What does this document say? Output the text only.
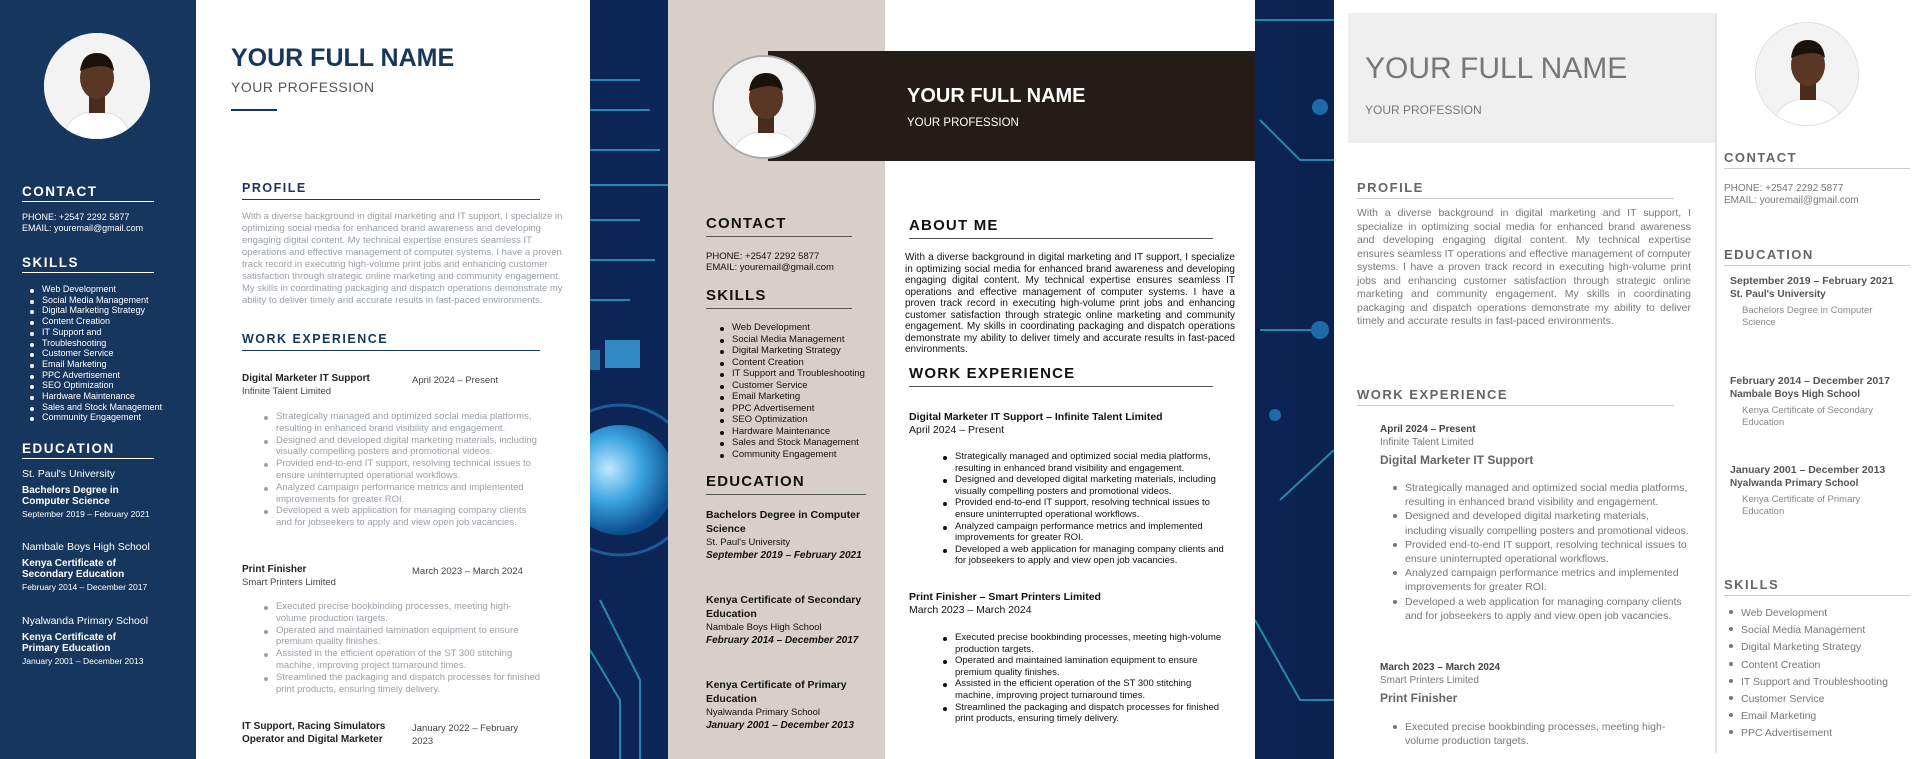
CONTACT
PHONE: +2547 2292 5877
EMAIL: youremail@gmail.com
SKILLS
Web Development
Social Media Management
Digital Marketing Strategy
Content Creation
IT Support and
Troubleshooting
Customer Service
Email Marketing
PPC Advertisement
SEO Optimization
Hardware Maintenance
Sales and Stock Management
Community Engagement
EDUCATION
St. Paul's University
Bachelors Degree in Computer Science
September 2019 – February 2021
Nambale Boys High School
Kenya Certificate of Secondary Education
February 2014 – December 2017
Nyalwanda Primary School
Kenya Certificate of Primary Education
January 2001 – December 2013
YOUR FULL NAME
YOUR PROFESSION
PROFILE
With a diverse background in digital marketing and IT support, I specialize in optimizing social media for enhanced brand awareness and developing engaging digital content. My technical expertise ensures seamless IT operations and effective management of computer systems. I have a proven track record in executing high-volume print jobs and enhancing customer satisfaction through strategic online marketing and community engagement. My skills in coordinating packaging and dispatch operations demonstrate my ability to deliver timely and accurate results in fast-paced environments.
WORK EXPERIENCE
Digital Marketer IT Support
Infinite Talent Limited
April 2024 – Present
Strategically managed and optimized social media platforms, resulting in enhanced brand visibility and engagement.
Designed and developed digital marketing materials, including visually compelling posters and promotional videos.
Provided end-to-end IT support, resolving technical issues to ensure uninterrupted operational workflows.
Analyzed campaign performance metrics and implemented improvements for greater ROI.
Developed a web application for managing company clients and for jobseekers to apply and view open job vacancies.
Print Finisher
Smart Printers Limited
March 2023 – March 2024
Executed precise bookbinding processes, meeting high-volume production targets.
Operated and maintained lamination equipment to ensure premium quality finishes.
Assisted in the efficient operation of the ST 300 stitching machine, improving project turnaround times.
Streamlined the packaging and dispatch processes for finished print products, ensuring timely delivery.
IT Support, Racing Simulators Operator and Digital Marketer
January 2022 – February 2023
YOUR FULL NAME
YOUR PROFESSION
CONTACT
PHONE: +2547 2292 5877
EMAIL: youremail@gmail.com
SKILLS
Web Development
Social Media Management
Digital Marketing Strategy
Content Creation
IT Support and Troubleshooting
Customer Service
Email Marketing
PPC Advertisement
SEO Optimization
Hardware Maintenance
Sales and Stock Management
Community Engagement
EDUCATION
Bachelors Degree in Computer Science
St. Paul's University
September 2019 – February 2021
Kenya Certificate of Secondary Education
Nambale Boys High School
February 2014 – December 2017
Kenya Certificate of Primary Education
Nyalwanda Primary School
January 2001 – December 2013
ABOUT ME
With a diverse background in digital marketing and IT support, I specialize in optimizing social media for enhanced brand awareness and developing engaging digital content. My technical expertise ensures seamless IT operations and effective management of computer systems. I have a proven track record in executing high-volume print jobs and enhancing customer satisfaction through strategic online marketing and community engagement. My skills in coordinating packaging and dispatch operations demonstrate my ability to deliver timely and accurate results in fast-paced environments.
WORK EXPERIENCE
Digital Marketer IT Support – Infinite Talent Limited
April 2024 – Present
Strategically managed and optimized social media platforms, resulting in enhanced brand visibility and engagement.
Designed and developed digital marketing materials, including visually compelling posters and promotional videos.
Provided end-to-end IT support, resolving technical issues to ensure uninterrupted operational workflows.
Analyzed campaign performance metrics and implemented improvements for greater ROI.
Developed a web application for managing company clients and for jobseekers to apply and view open job vacancies.
Print Finisher – Smart Printers Limited
March 2023 – March 2024
Executed precise bookbinding processes, meeting high-volume production targets.
Operated and maintained lamination equipment to ensure premium quality finishes.
Assisted in the efficient operation of the ST 300 stitching machine, improving project turnaround times.
Streamlined the packaging and dispatch processes for finished print products, ensuring timely delivery.
YOUR FULL NAME
YOUR PROFESSION
PROFILE
With a diverse background in digital marketing and IT support, I specialize in optimizing social media for enhanced brand awareness and developing engaging digital content. My technical expertise ensures seamless IT operations and effective management of computer systems. I have a proven track record in executing high-volume print jobs and enhancing customer satisfaction through strategic online marketing and community engagement. My skills in coordinating packaging and dispatch operations demonstrate my ability to deliver timely and accurate results in fast-paced environments.
WORK EXPERIENCE
April 2024 – Present
Infinite Talent Limited
Digital Marketer IT Support
Strategically managed and optimized social media platforms, resulting in enhanced brand visibility and engagement.
Designed and developed digital marketing materials, including visually compelling posters and promotional videos.
Provided end-to-end IT support, resolving technical issues to ensure uninterrupted operational workflows.
Analyzed campaign performance metrics and implemented improvements for greater ROI.
Developed a web application for managing company clients and for jobseekers to apply and view open job vacancies.
March 2023 – March 2024
Smart Printers Limited
Print Finisher
Executed precise bookbinding processes, meeting high-volume production targets.
CONTACT
PHONE: +2547 2292 5877
EMAIL: youremail@gmail.com
EDUCATION
September 2019 – February 2021
St. Paul's University
Bachelors Degree in Computer Science
February 2014 – December 2017
Nambale Boys High School
Kenya Certificate of Secondary Education
January 2001 – December 2013
Nyalwanda Primary School
Kenya Certificate of Primary Education
SKILLS
Web Development
Social Media Management
Digital Marketing Strategy
Content Creation
IT Support and Troubleshooting
Customer Service
Email Marketing
PPC Advertisement
